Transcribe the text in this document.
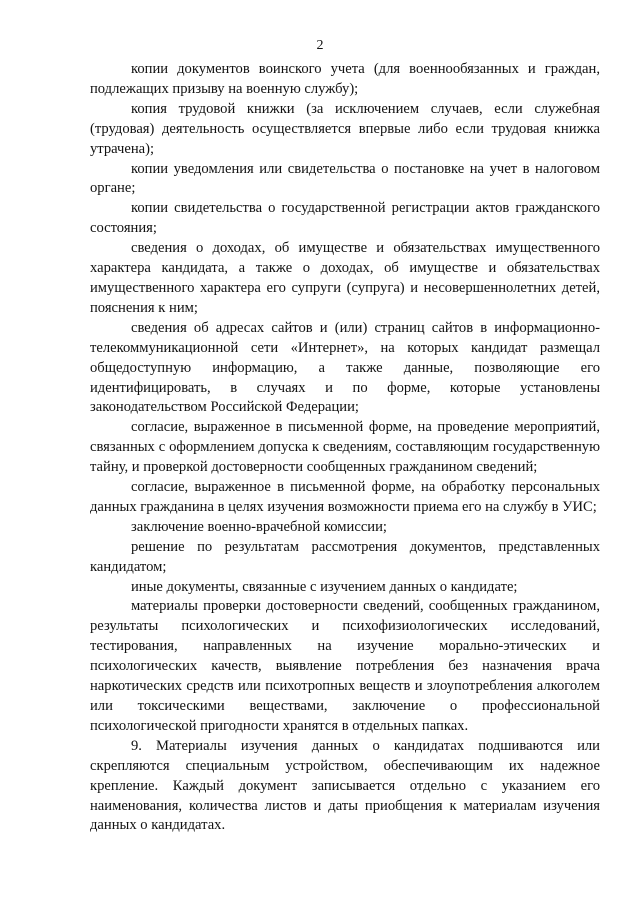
2

копии документов воинского учета (для военнообязанных и граждан, подлежащих призыву на военную службу);

копия трудовой книжки (за исключением случаев, если служебная (трудовая) деятельность осуществляется впервые либо если трудовая книжка утрачена);

копии уведомления или свидетельства о постановке на учет в налоговом органе;

копии свидетельства о государственной регистрации актов гражданского состояния;

сведения о доходах, об имуществе и обязательствах имущественного характера кандидата, а также о доходах, об имуществе и обязательствах имущественного характера его супруги (супруга) и несовершеннолетних детей, пояснения к ним;

сведения об адресах сайтов и (или) страниц сайтов в информационно-телекоммуникационной сети «Интернет», на которых кандидат размещал общедоступную информацию, а также данные, позволяющие его идентифицировать, в случаях и по форме, которые установлены законодательством Российской Федерации;

согласие, выраженное в письменной форме, на проведение мероприятий, связанных с оформлением допуска к сведениям, составляющим государственную тайну, и проверкой достоверности сообщенных гражданином сведений;

согласие, выраженное в письменной форме, на обработку персональных данных гражданина в целях изучения возможности приема его на службу в УИС;

заключение военно-врачебной комиссии;

решение по результатам рассмотрения документов, представленных кандидатом;

иные документы, связанные с изучением данных о кандидате;

материалы проверки достоверности сведений, сообщенных гражданином, результаты психологических и психофизиологических исследований, тестирования, направленных на изучение морально-этических и психологических качеств, выявление потребления без назначения врача наркотических средств или психотропных веществ и злоупотребления алкоголем или токсическими веществами, заключение о профессиональной психологической пригодности хранятся в отдельных папках.

9. Материалы изучения данных о кандидатах подшиваются или скрепляются специальным устройством, обеспечивающим их надежное крепление. Каждый документ записывается отдельно с указанием его наименования, количества листов и даты приобщения к материалам изучения данных о кандидатах.
